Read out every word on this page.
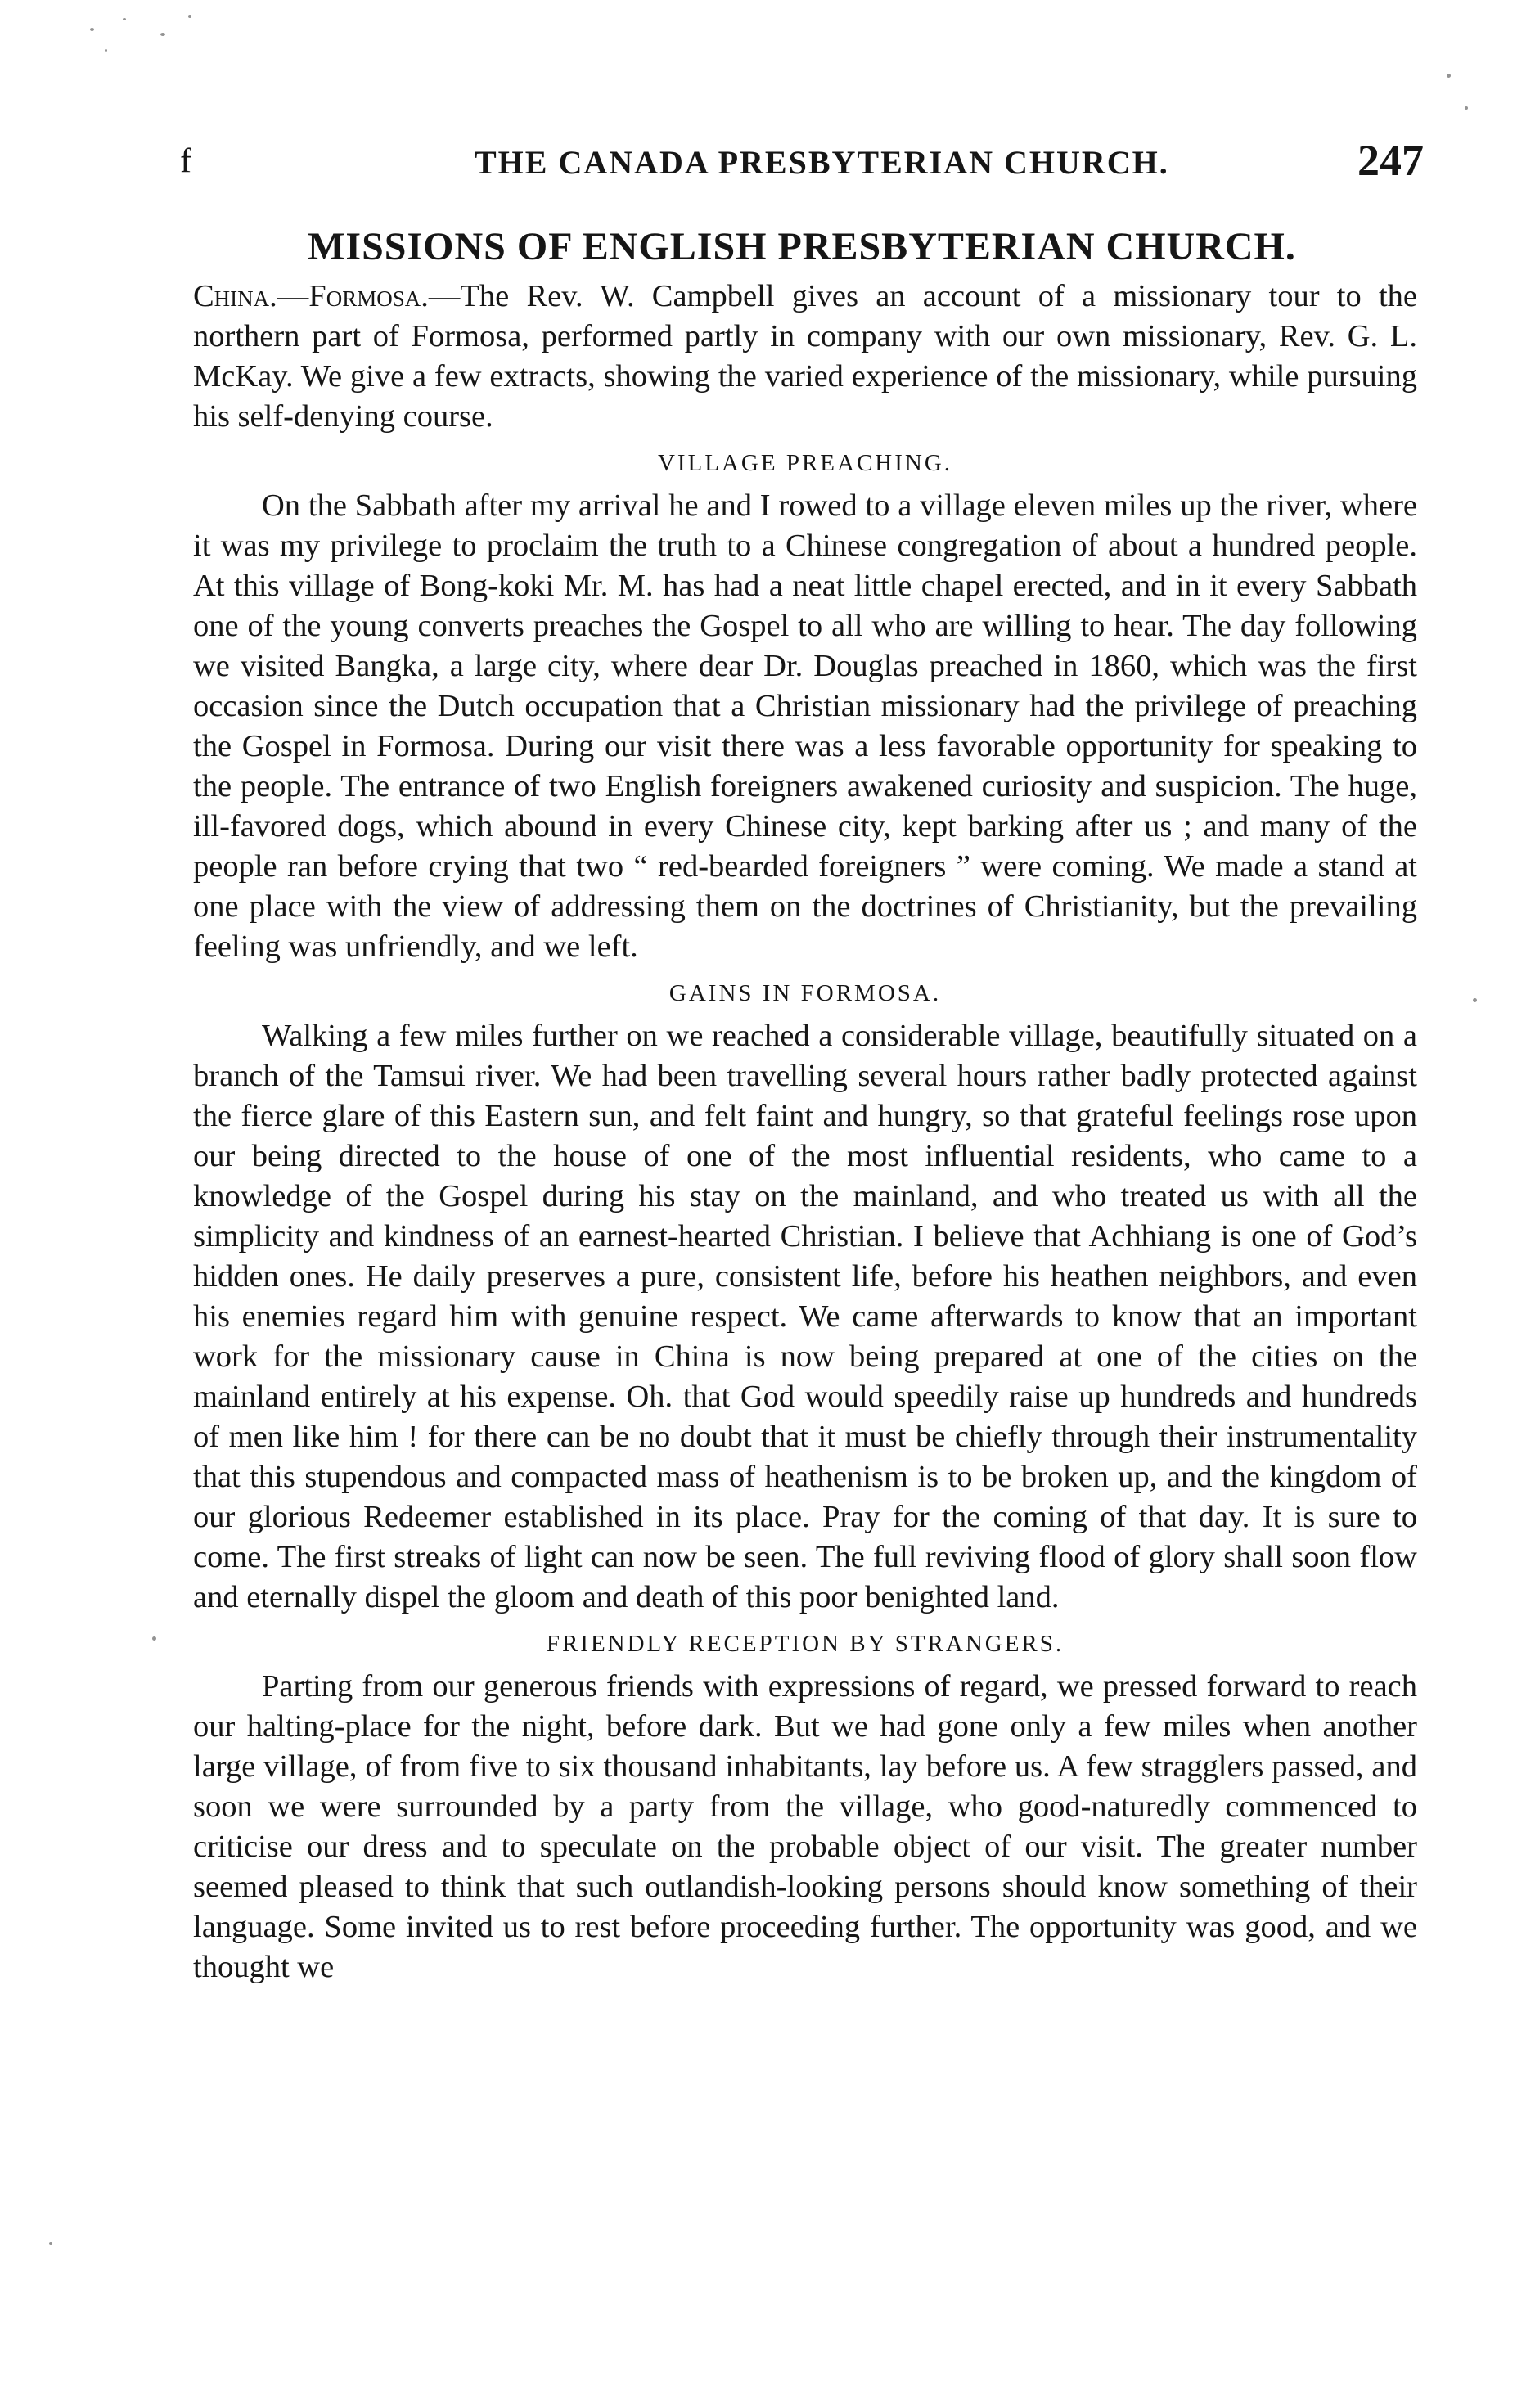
f	THE CANADA PRESBYTERIAN CHURCH.	247
MISSIONS OF ENGLISH PRESBYTERIAN CHURCH.

China.—Formosa.—The Rev. W. Campbell gives an account of a missionary tour to the northern part of Formosa, performed partly in company with our own missionary, Rev. G. L. McKay. We give a few extracts, showing the varied experience of the missionary, while pursuing his self-denying course.

VILLAGE PREACHING.

On the Sabbath after my arrival he and I rowed to a village eleven miles up the river, where it was my privilege to proclaim the truth to a Chinese congregation of about a hundred people. At this village of Bong-koki Mr. M. has had a neat little chapel erected, and in it every Sabbath one of the young converts preaches the Gospel to all who are willing to hear. The day following we visited Bangka, a large city, where dear Dr. Douglas preached in 1860, which was the first occasion since the Dutch occupation that a Christian missionary had the privilege of preaching the Gospel in Formosa. During our visit there was a less favorable opportunity for speaking to the people. The entrance of two English foreigners awakened curiosity and suspicion. The huge, ill-favored dogs, which abound in every Chinese city, kept barking after us ; and many of the people ran before crying that two “ red-bearded foreigners ” were coming. We made a stand at one place with the view of addressing them on the doctrines of Christianity, but the prevailing feeling was unfriendly, and we left.

GAINS IN FORMOSA.

Walking a few miles further on we reached a considerable village, beautifully situated on a branch of the Tamsui river. We had been travelling several hours rather badly protected against the fierce glare of this Eastern sun, and felt faint and hungry, so that grateful feelings rose upon our being directed to the house of one of the most influential residents, who came to a knowledge of the Gospel during his stay on the mainland, and who treated us with all the simplicity and kindness of an earnest-hearted Christian. I believe that Achhiang is one of God’s hidden ones. He daily preserves a pure, consistent life, before his heathen neighbors, and even his enemies regard him with genuine respect. We came afterwards to know that an important work for the missionary cause in China is now being prepared at one of the cities on the mainland entirely at his expense. Oh. that God would speedily raise up hundreds and hundreds of men like him ! for there can be no doubt that it must be chiefly through their instrumentality that this stupendous and compacted mass of heathenism is to be broken up, and the kingdom of our glorious Redeemer established in its place. Pray for the coming of that day. It is sure to come. The first streaks of light can now be seen. The full reviving flood of glory shall soon flow and eternally dispel the gloom and death of this poor benighted land.

FRIENDLY RECEPTION BY STRANGERS.

Parting from our generous friends with expressions of regard, we pressed forward to reach our halting-place for the night, before dark. But we had gone only a few miles when another large village, of from five to six thousand inhabitants, lay before us. A few stragglers passed, and soon we were surrounded by a party from the village, who good-naturedly commenced to criticise our dress and to speculate on the probable object of our visit. The greater number seemed pleased to think that such outlandish-looking persons should know something of their language. Some invited us to rest before proceeding further. The opportunity was good, and we thought we
